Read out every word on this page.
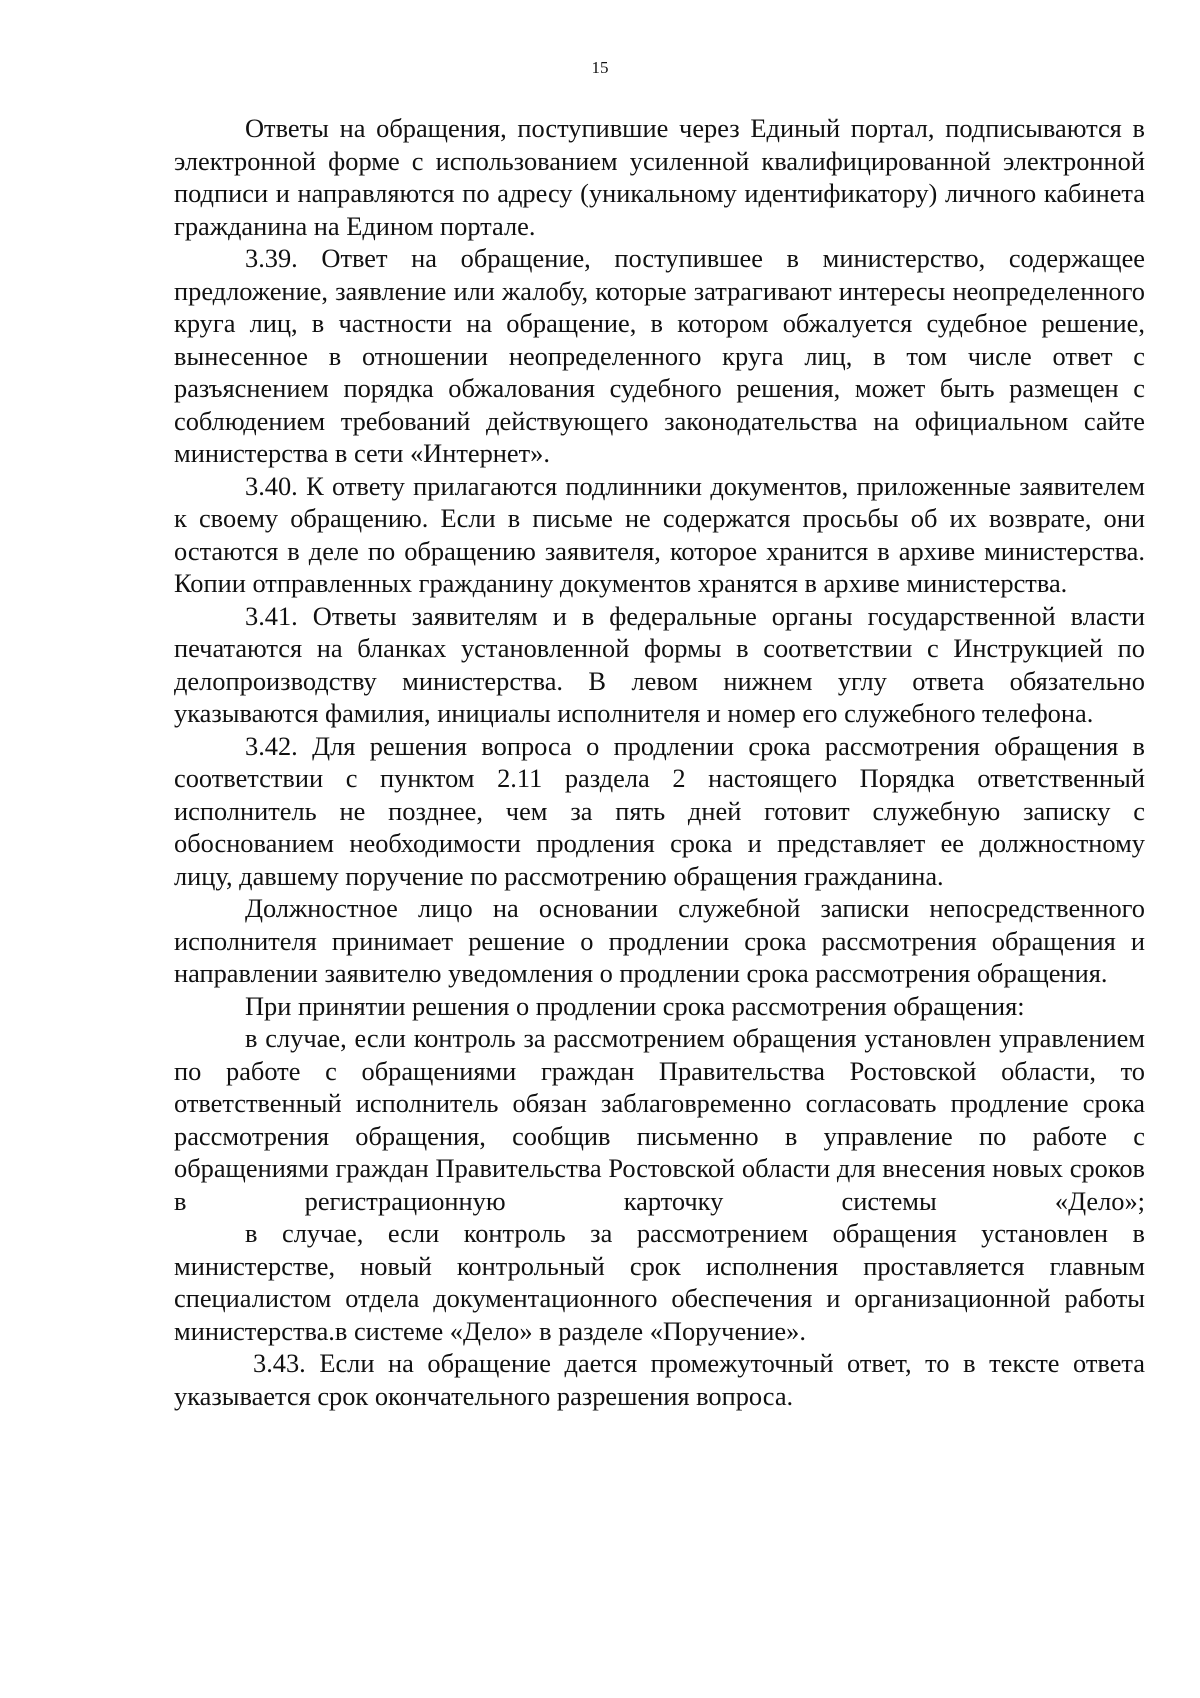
15

Ответы на обращения, поступившие через Единый портал, подписываются в электронной форме с использованием усиленной квалифицированной электронной подписи и направляются по адресу (уникальному идентификатору) личного кабинета гражданина на Едином портале.

3.39. Ответ на обращение, поступившее в министерство, содержащее предложение, заявление или жалобу, которые затрагивают интересы неопределенного круга лиц, в частности на обращение, в котором обжалуется судебное решение, вынесенное в отношении неопределенного круга лиц, в том числе ответ с разъяснением порядка обжалования судебного решения, может быть размещен с соблюдением требований действующего законодательства на официальном сайте министерства в сети «Интернет».

3.40. К ответу прилагаются подлинники документов, приложенные заявителем к своему обращению. Если в письме не содержатся просьбы об их возврате, они остаются в деле по обращению заявителя, которое хранится в архиве министерства. Копии отправленных гражданину документов хранятся в архиве министерства.

3.41. Ответы заявителям и в федеральные органы государственной власти печатаются на бланках установленной формы в соответствии с Инструкцией по делопроизводству министерства. В левом нижнем углу ответа обязательно указываются фамилия, инициалы исполнителя и номер его служебного телефона.

3.42. Для решения вопроса о продлении срока рассмотрения обращения в соответствии с пунктом 2.11 раздела 2 настоящего Порядка ответственный исполнитель не позднее, чем за пять дней готовит служебную записку с обоснованием необходимости продления срока и представляет ее должностному лицу, давшему поручение по рассмотрению обращения гражданина.

Должностное лицо на основании служебной записки непосредственного исполнителя принимает решение о продлении срока рассмотрения обращения и направлении заявителю уведомления о продлении срока рассмотрения обращения.

При принятии решения о продлении срока рассмотрения обращения:

в случае, если контроль за рассмотрением обращения установлен управлением по работе с обращениями граждан Правительства Ростовской области, то ответственный исполнитель обязан заблаговременно согласовать продление срока рассмотрения обращения, сообщив письменно в управление по работе с обращениями граждан Правительства Ростовской области для внесения новых сроков в регистрационную карточку системы «Дело»;

в случае, если контроль за рассмотрением обращения установлен в министерстве, новый контрольный срок исполнения проставляется главным специалистом отдела документационного обеспечения и организационной работы министерства.в системе «Дело» в разделе «Поручение».

3.43. Если на обращение дается промежуточный ответ, то в тексте ответа указывается срок окончательного разрешения вопроса.
